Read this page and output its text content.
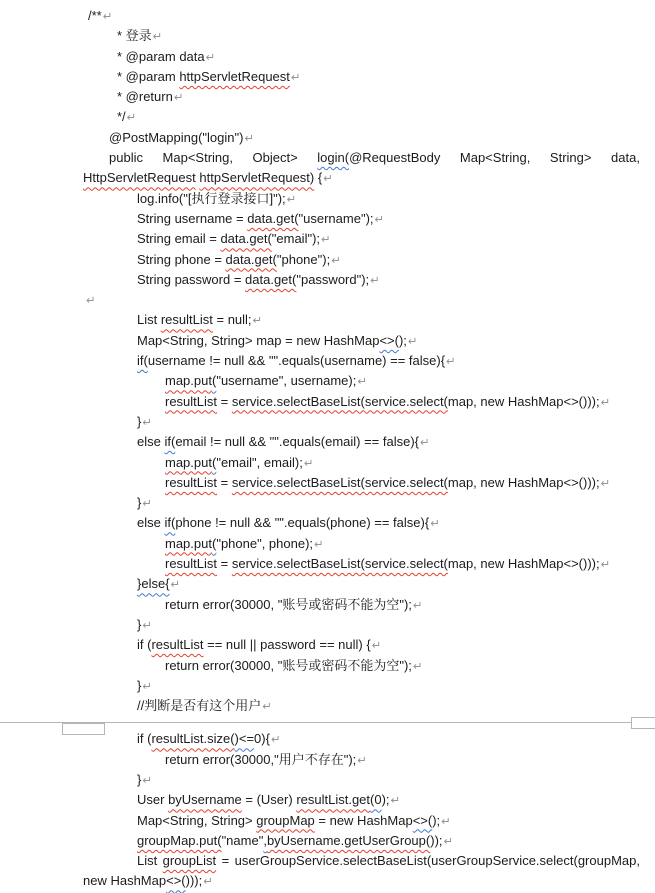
/**↵
* 登录↵
* @param data↵
* @param httpServletRequest↵
* @return↵
*/↵
@PostMapping("login")↵
public Map<String, Object> login(@RequestBody Map<String, String> data,
HttpServletRequest httpServletRequest) {↵
log.info("[执行登录接口]");↵
String username = data.get("username");↵
String email = data.get("email");↵
String phone = data.get("phone");↵
String password = data.get("password");↵
↵
List resultList = null;↵
Map<String, String> map = new HashMap<>();↵
if(username != null && "".equals(username) == false){↵
map.put("username", username);↵
resultList = service.selectBaseList(service.select(map, new HashMap<>()));↵
}↵
else if(email != null && "".equals(email) == false){↵
map.put("email", email);↵
resultList = service.selectBaseList(service.select(map, new HashMap<>()));↵
}↵
else if(phone != null && "".equals(phone) == false){↵
map.put("phone", phone);↵
resultList = service.selectBaseList(service.select(map, new HashMap<>()));↵
}else{↵
return error(30000, "账号或密码不能为空");↵
}↵
if (resultList == null || password == null) {↵
return error(30000, "账号或密码不能为空");↵
}↵
//判断是否有这个用户↵
if (resultList.size()<=0){↵
return error(30000,"用户不存在");↵
}↵
User byUsername = (User) resultList.get(0);↵
Map<String, String> groupMap = new HashMap<>();↵
groupMap.put("name",byUsername.getUserGroup());↵
List groupList = userGroupService.selectBaseList(userGroupService.select(groupMap,
new HashMap<>()));↵
